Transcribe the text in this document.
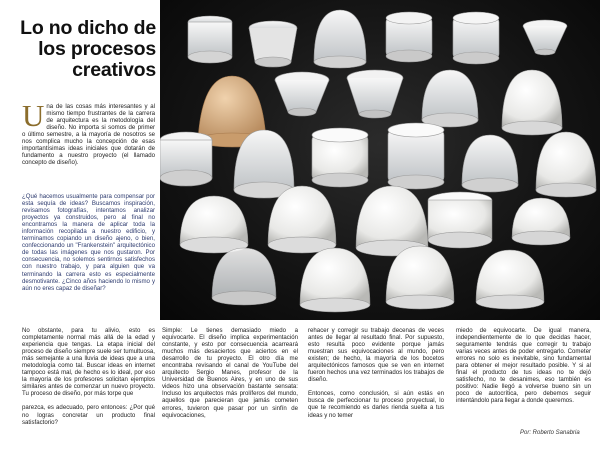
Lo no dicho de
los procesos
creativos
U na de las cosas más interesantes y al mismo tiempo frustrantes de la carrera de arquitectura es la metodología del diseño. No importa si somos de primer o último semestre, a la mayoría de nosotros se nos complica mucho la concepción de esas importantísimas ideas iniciales que dotarán de fundamento a nuestro proyecto (el llamado concepto de diseño).
¿Qué hacemos usualmente para compensar por esta sequía de ideas? Buscamos inspiración, revisamos fotografías, intentamos analizar proyectos ya construidos, pero al final no encontramos la manera de aplicar toda la información recopilada a nuestro edificio, y terminamos copiando un diseño ajeno, o bien, confeccionando un "Frankenstein" arquitectónico de todas las imágenes que nos gustaron. Por consecuencia, no solemos sentirnos satisfechos con nuestro trabajo, y para alguien que va terminando la carrera esto es especialmente desmotivante. ¿Cinco años haciendo lo mismo y aún no eres capaz de diseñar?

No obstante, para tu alivio, esto es completamente normal más allá de la edad y experiencia que tengas. La etapa inicial del proceso de diseño siempre suele ser tumultuosa, más semejante a una lluvia de ideas que a una metodología como tal. Buscar ideas en internet tampoco está mal, de hecho es lo ideal, por eso la mayoría de los profesores solicitan ejemplos similares antes de comenzar un nuevo proyecto. Tu proceso de diseño, por más torpe que

parezca, es adecuado, pero entonces: ¿Por qué no logras concretar un producto final satisfactorio?

Simple: Le tienes demasiado miedo a equivocarte. El diseño implica experimentación constante, y esto por consecuencia acarreará muchos más desaciertos que aciertos en el desarrollo de tu proyecto. El otro día me encontraba revisando el canal de YouTube del arquitecto Sergio Manes, profesor de la Universidad de Buenos Aires, y en uno de sus videos hizo una observación bastante sensata: Incluso los arquitectos más prolíferos del mundo, aquellos que parecieran que jamás cometen errores, tuvieron que pasar por un sinfín de equivocaciones,

rehacer y corregir su trabajo decenas de veces antes de llegar al resultado final. Por supuesto, esto resulta poco evidente porque jamás muestran sus equivocaciones al mundo, pero existen; de hecho, la mayoría de los bocetos arquitectónicos famosos que se ven en internet fueron hechos una vez terminados los trabajos de diseño.

Entonces, como conclusión, si aún estás en busca de perfeccionar tu proceso proyectual, lo que te recomiendo es darles rienda suelta a tus ideas y no temer

miedo de equivocarte. De igual manera, independientemente de lo que decidas hacer, seguramente tendrás que corregir tu trabajo varias veces antes de poder entregarlo. Cometer errores no solo es inevitable, sino fundamental para obtener el mejor resultado posible. Y si al final el producto de tus ideas no te dejó satisfecho, no te desanimes, eso también es positivo: Nadie llegó a volverse bueno sin un poco de autocrítica, pero debemos seguir intentándolo para llegar a donde queremos.

Por: Roberto Sanabria
